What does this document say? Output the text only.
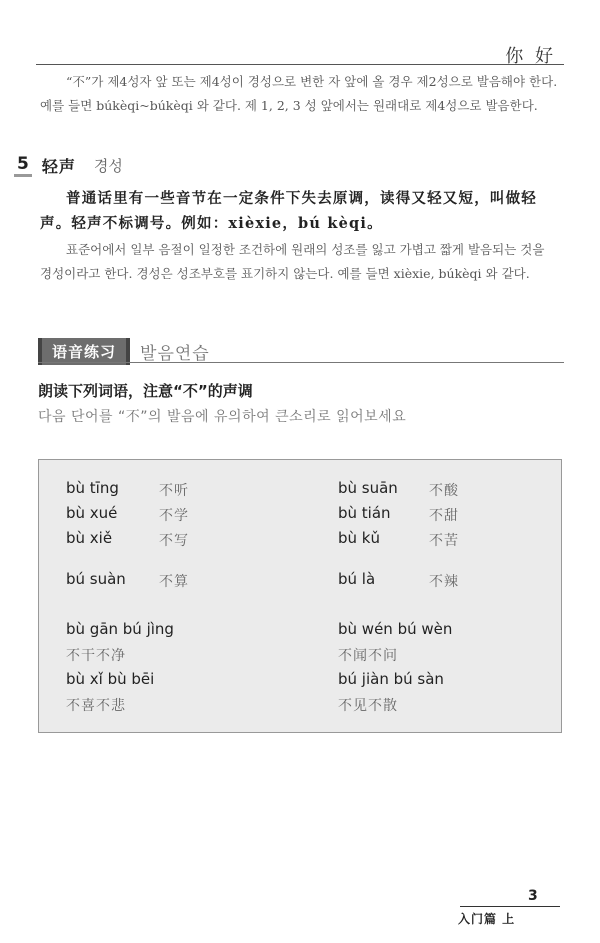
你 好
“不”가 제4성자 앞 또는 제4성이 경성으로 변한 자 앞에 올 경우 제2성으로 발음해야 한다. 예를 들면 búkèqi~búkèqi 와 같다. 제 1, 2, 3 성 앞에서는 원래대로 제4성으로 발음한다.
5 轻声 경성
普通话里有一些音节在一定条件下失去原调，读得又轻又短，叫做轻声。轻声不标调号。例如：xièxie，bú kèqi。
표준어에서 일부 음절이 일정한 조건하에 원래의 성조를 잃고 가볍고 짧게 발음되는 것을 경성이라고 한다. 경성은 성조부호를 표기하지 않는다. 예를 들면 xièxie, búkèqi 와 같다.
语音练习	발음연습
朗读下列词语，注意“不”的声调
다음 단어를 “不”의 발음에 유의하여 큰소리로 읽어보세요
bù tīng	不听	bù suān 不酸
bù xué	不学	bù tián	不甜
bù xiě	不写	bù kǔ	不苦
bú suàn 不算	bú là	不辣
bù gān bú jìng
不干不净
bù wén bú wèn
不闻不问
bù xǐ bù bēi
不喜不悲
bú jiàn bú sàn
不见不散
3
入门篇 上
